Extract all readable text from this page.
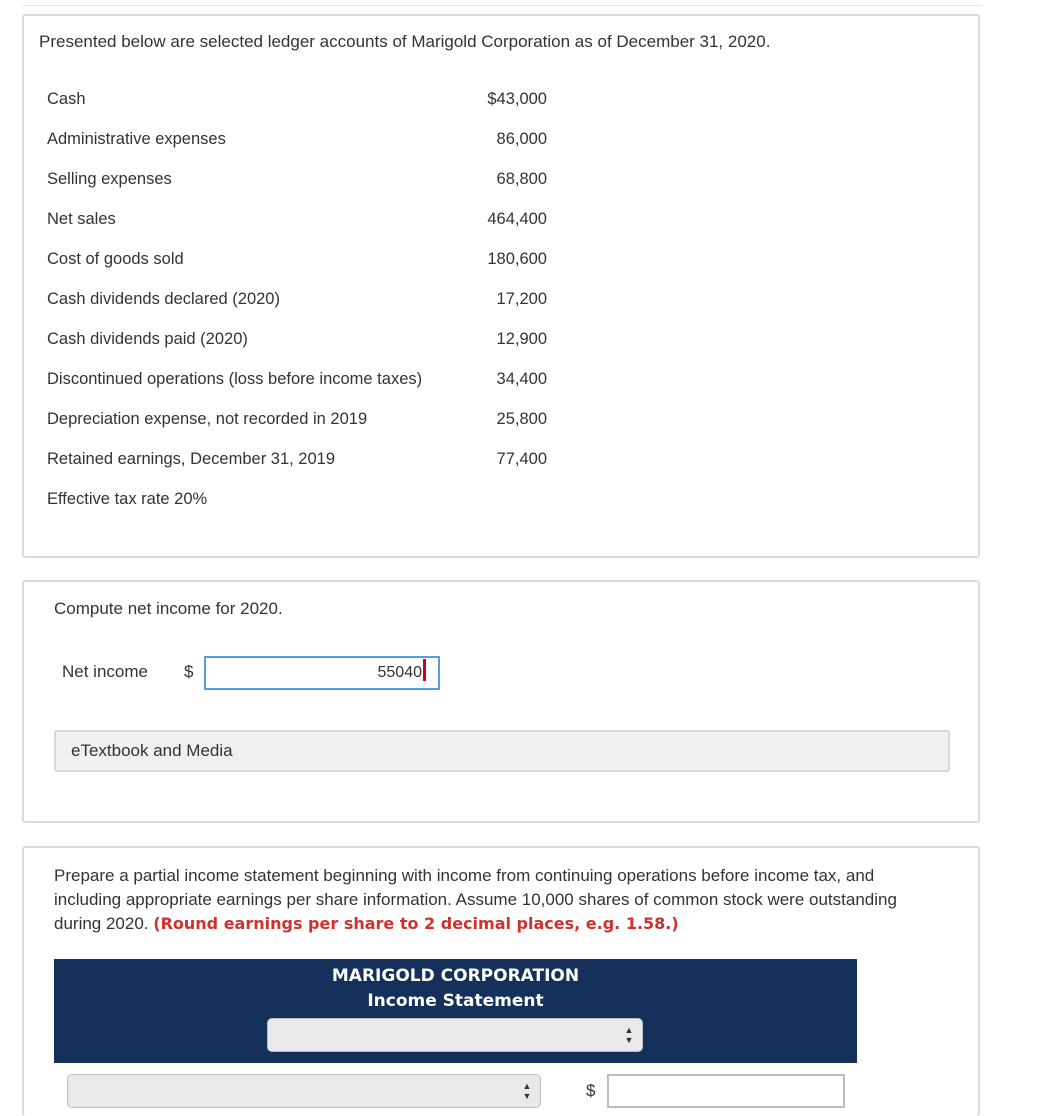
Presented below are selected ledger accounts of Marigold Corporation as of December 31, 2020.
Cash	$43,000
Administrative expenses	86,000
Selling expenses	68,800
Net sales	464,400
Cost of goods sold	180,600
Cash dividends declared (2020)	17,200
Cash dividends paid (2020)	12,900
Discontinued operations (loss before income taxes)	34,400
Depreciation expense, not recorded in 2019	25,800
Retained earnings, December 31, 2019	77,400
Effective tax rate 20%
Compute net income for 2020.
Net income $	55040
eTextbook and Media
Prepare a partial income statement beginning with income from continuing operations before income tax, and including appropriate earnings per share information. Assume 10,000 shares of common stock were outstanding during 2020. (Round earnings per share to 2 decimal places, e.g. 1.58.)
MARIGOLD CORPORATION
Income Statement
▲
▼
▲
▼	$
